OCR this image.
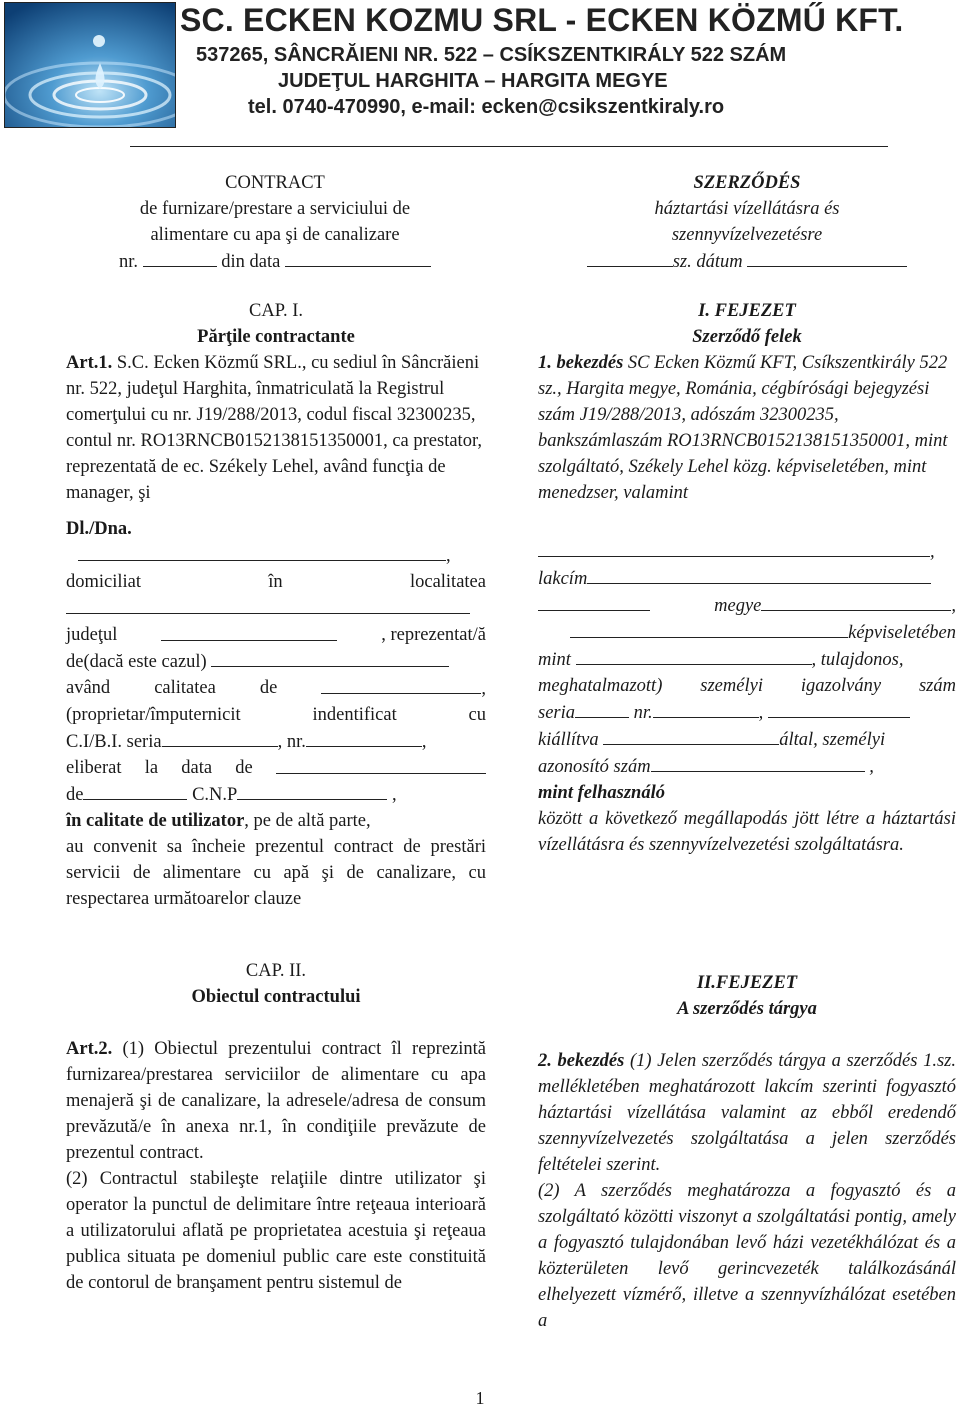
SC. ECKEN KOZMU SRL - ECKEN KÖZMŰ KFT.
537265, SÂNCRĂIENI NR. 522 – CSÍKSZENTKIRÁLY 522 SZÁM
JUDEŢUL HARGHITA – HARGITA MEGYE
tel. 0740-470990, e-mail: ecken@csikszentkiraly.ro
CONTRACT
de furnizare/prestare a serviciului de
alimentare cu apa şi de canalizare
nr.	din data
SZERZŐDÉS
háztartási vízellátásra és
szennyvízelvezetésre
sz. dátum
CAP. I.
Părţile contractante

Art.1. S.C. Ecken Közmű SRL., cu sediul în Sâncrăieni nr. 522, judeţul Harghita, înmatriculată la Registrul comerţului cu nr. J19/288/2013, codul fiscal 32300235, contul nr. RO13RNCB0152138151350001, ca prestator, reprezentată de ec. Székely Lehel, având funcţia de manager, şi

Dl./Dna.
,
domiciliat	în	localitatea
judeţul	, reprezentat/ă
de(dacă este cazul)
având calitatea de	,
(proprietar/împuternicit	indentificat	cu
C.I/B.I. seria	, nr.	,
eliberat la data de
de	C.N.P	,
în calitate de utilizator, pe de altă parte,

au convenit sa încheie prezentul contract de prestări servicii de alimentare cu apă şi de canalizare, cu respectarea următoarelor clauze

I. FEJEZET
Szerződő felek

1. bekezdés SC Ecken Közmű KFT, Csíkszentkirály 522 sz., Hargita megye, Románia, cégbírósági bejegyzési szám J19/288/2013, adószám 32300235, bankszámlaszám RO13RNCB0152138151350001, mint szolgáltató, Székely Lehel közg. képviseletében, mint menedzser, valamint

,
lakcím
megye	,
képviseletében
mint	, tulajdonos,
meghatalmazott) személyi igazolvány szám
seria	nr.	,
kiállítva	által, személyi
azonosító szám	,
mint felhasználó

között a következő megállapodás jött létre a háztartási vízellátásra és szennyvízelvezetési szolgáltatásra.

CAP. II.
Obiectul contractului

Art.2. (1) Obiectul prezentului contract îl reprezintă furnizarea/prestarea serviciilor de alimentare cu apa menajeră şi de canalizare, la adresele/adresa de consum prevăzută/e în anexa nr.1, în condiţiile prevăzute de prezentul contract.

(2) Contractul stabileşte relaţiile dintre utilizator şi operator la punctul de delimitare între reţeaua interioară a utilizatorului aflată pe proprietatea acestuia şi reţeaua publica situata pe domeniul public care este constituită de contorul de branşament pentru sistemul de

II.FEJEZET
A szerződés tárgya

2. bekezdés (1) Jelen szerződés tárgya a szerződés 1.sz. mellékletében meghatározott lakcím szerinti fogyasztó háztartási vízellátása valamint az ebből eredendő szennyvízelvezetés szolgáltatása a jelen szerződés feltételei szerint.

(2) A szerződés meghatározza a fogyasztó és a szolgáltató közötti viszonyt a szolgáltatási pontig, amely a fogyasztó tulajdonában levő házi vezetékhálózat és a közterületen levő gerincvezeték találkozásánál elhelyezett vízmérő, illetve a szennyvízhálózat esetében a

1
